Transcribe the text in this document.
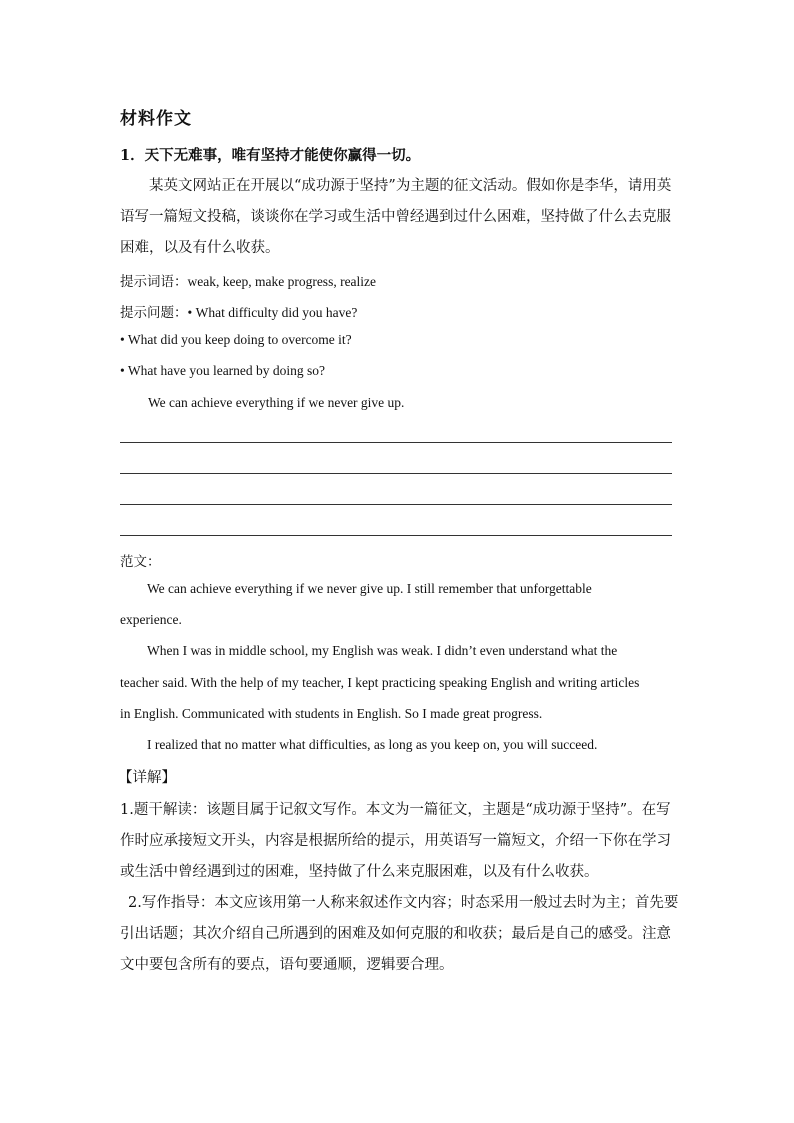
材料作文
1．天下无难事，唯有坚持才能使你赢得一切。
某英文网站正在开展以“成功源于坚持”为主题的征文活动。假如你是李华，请用英语写一篇短文投稿，谈谈你在学习或生活中曾经遇到过什么困难，坚持做了什么去克服困难，以及有什么收获。
提示词语：weak, keep, make progress, realize
提示问题：• What difficulty did you have?
• What did you keep doing to overcome it?
• What have you learned by doing so?
We can achieve everything if we never give up.
范文：
We can achieve everything if we never give up. I still remember that unforgettable
experience.
When I was in middle school, my English was weak. I didn’t even understand what the
teacher said. With the help of my teacher, I kept practicing speaking English and writing articles
in English. Communicated with students in English. So I made great progress.
I realized that no matter what difficulties, as long as you keep on, you will succeed.
【详解】
1.题干解读：该题目属于记叙文写作。本文为一篇征文，主题是“成功源于坚持”。在写作时应承接短文开头，内容是根据所给的提示，用英语写一篇短文，介绍一下你在学习或生活中曾经遇到过的困难，坚持做了什么来克服困难，以及有什么收获。
2.写作指导：本文应该用第一人称来叙述作文内容；时态采用一般过去时为主；首先要引出话题；其次介绍自己所遇到的困难及如何克服的和收获；最后是自己的感受。注意文中要包含所有的要点，语句要通顺，逻辑要合理。
